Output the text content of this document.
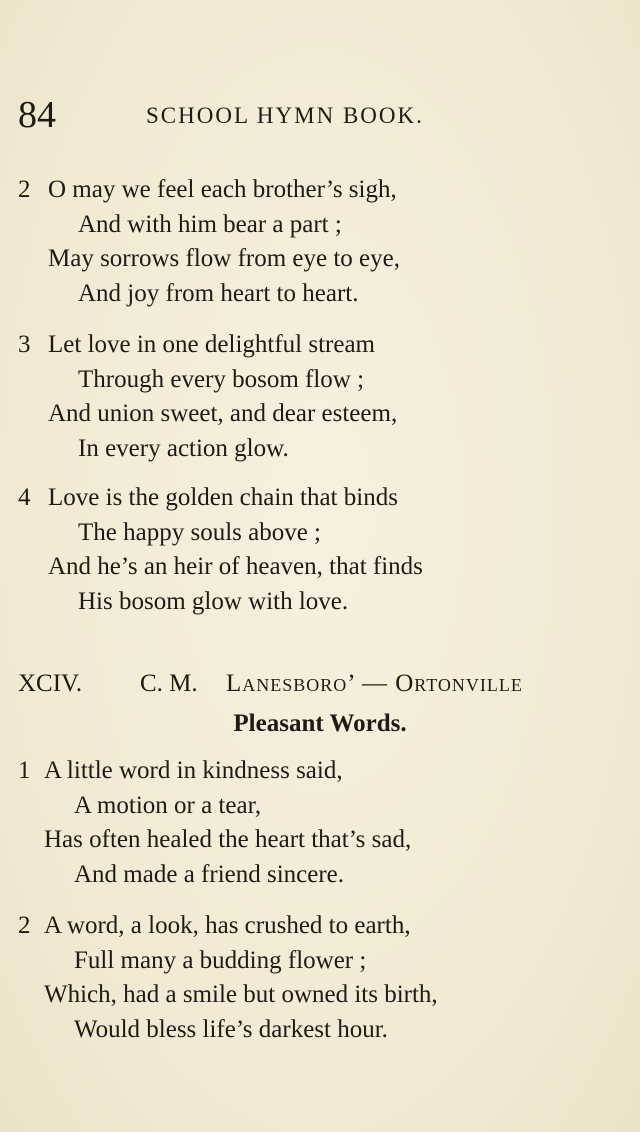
84	SCHOOL HYMN BOOK.
2 O may we feel each brother’s sigh,
And with him bear a part ;
May sorrows flow from eye to eye,
And joy from heart to heart.
3 Let love in one delightful stream
Through every bosom flow ;
And union sweet, and dear esteem,
In every action glow.
4 Love is the golden chain that binds
The happy souls above ;
And he’s an heir of heaven, that finds
His bosom glow with love.
XCIV. C. M. Lanesboro’ — Ortonville
Pleasant Words.
1 A little word in kindness said,
A motion or a tear,
Has often healed the heart that’s sad,
And made a friend sincere.
2 A word, a look, has crushed to earth,
Full many a budding flower ;
Which, had a smile but owned its birth,
Would bless life’s darkest hour.
